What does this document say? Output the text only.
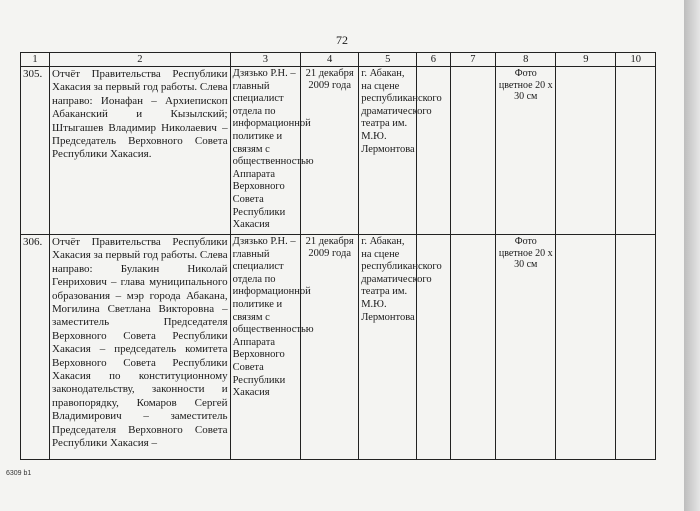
72
1	2	3	4	5	6	7	8	9	10
305.	Отчёт Правительства Республики Хакасия за первый год работы. Слева направо: Ионафан – Архиепископ Абаканский и Кызылский; Штыгашев Владимир Николаевич – Председатель Верховного Совета Республики Хакасия.	Дзязько Р.Н. – главный специалист отдела по информационной политике и связям с общественностью Аппарата Верховного Совета Республики Хакасия	21 декабря 2009 года	г. Абакан, на сцене республиканского драматического театра им. М.Ю. Лермонтова			Фото цветное 20 х 30 см		
306.	Отчёт Правительства Республики Хакасия за первый год работы. Слева направо: Булакин Николай Генрихович – глава муниципального образования – мэр города Абакана, Могилина Светлана Викторовна – заместитель Председателя Верховного Совета Республики Хакасия – председатель комитета Верховного Совета Республики Хакасия по конституционному законодательству, законности и правопорядку, Комаров Сергей Владимирович – заместитель Председателя Верховного Совета Республики Хакасия –	Дзязько Р.Н. – главный специалист отдела по информационной политике и связям с общественностью Аппарата Верховного Совета Республики Хакасия	21 декабря 2009 года	г. Абакан, на сцене республиканского драматического театра им. М.Ю. Лермонтова			Фото цветное 20 х 30 см		
6309 b1
